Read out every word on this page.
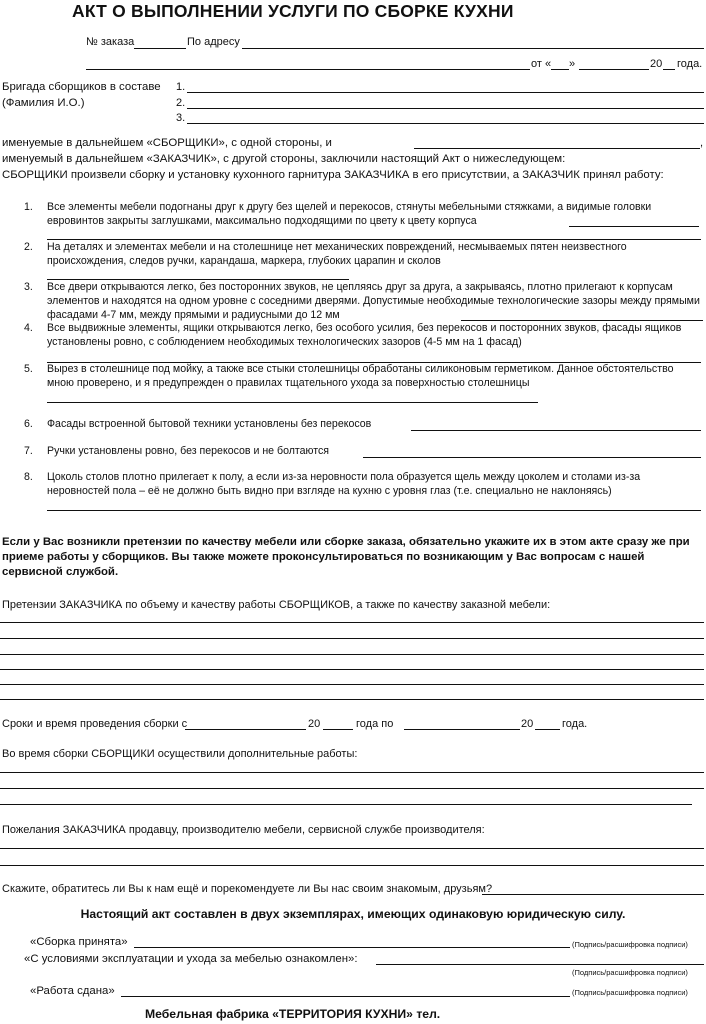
АКТ О ВЫПОЛНЕНИИ УСЛУГИ ПО СБОРКЕ КУХНИ
№ заказа	По адресу
от « »	20 года.
Бригада сборщиков в составе
(Фамилия И.О.)
1.
2.
3.
именуемые в дальнейшем «СБОРЩИКИ», с одной стороны, и	,
именуемый в дальнейшем «ЗАКАЗЧИК», с другой стороны, заключили настоящий Акт о нижеследующем:
СБОРЩИКИ произвели сборку и установку кухонного гарнитура ЗАКАЗЧИКА в его присутствии, а ЗАКАЗЧИК принял работу:
1.	Все элементы мебели подогнаны друг к другу без щелей и перекосов, стянуты мебельными стяжками, а видимые головки евровинтов закрыты заглушками, максимально подходящими по цвету к цвету корпуса
2.	На деталях и элементах мебели и на столешнице нет механических повреждений, несмываемых пятен неизвестного происхождения, следов ручки, карандаша, маркера, глубоких царапин и сколов
3.	Все двери открываются легко, без посторонних звуков, не цепляясь друг за друга, а закрываясь, плотно прилегают к корпусам элементов и находятся на одном уровне с соседними дверями. Допустимые необходимые технологические зазоры между прямыми фасадами 4-7 мм, между прямыми и радиусными до 12 мм
4.	Все выдвижные элементы, ящики открываются легко, без особого усилия, без перекосов и посторонних звуков, фасады ящиков установлены ровно, с соблюдением необходимых технологических зазоров (4-5 мм на 1 фасад)
5.	Вырез в столешнице под мойку, а также все стыки столешницы обработаны силиконовым герметиком. Данное обстоятельство мною проверено, и я предупрежден о правилах тщательного ухода за поверхностью столешницы
6.	Фасады встроенной бытовой техники установлены без перекосов
7.	Ручки установлены ровно, без перекосов и не болтаются
8.	Цоколь столов плотно прилегает к полу, а если из-за неровности пола образуется щель между цоколем и столами из-за неровностей пола – её не должно быть видно при взгляде на кухню с уровня глаз (т.е. специально не наклоняясь)
Если у Вас возникли претензии по качеству мебели или сборке заказа, обязательно укажите их в этом акте сразу же при приеме работы у сборщиков. Вы также можете проконсультироваться по возникающим у Вас вопросам с нашей сервисной службой.
Претензии ЗАКАЗЧИКА по объему и качеству работы СБОРЩИКОВ, а также по качеству заказной мебели:
Сроки и время проведения сборки с	20	года по	20	года.
Во время сборки СБОРЩИКИ осуществили дополнительные работы:
Пожелания ЗАКАЗЧИКА продавцу, производителю мебели, сервисной службе производителя:
Скажите, обратитесь ли Вы к нам ещё и порекомендуете ли Вы нас своим знакомым, друзьям?
Настоящий акт составлен в двух экземплярах, имеющих одинаковую юридическую силу.
«Сборка принята»	(Подпись/расшифровка подписи)
«С условиями эксплуатации и ухода за мебелью ознакомлен»:
(Подпись/расшифровка подписи)
«Работа сдана»	(Подпись/расшифровка подписи)
Мебельная фабрика «ТЕРРИТОРИЯ КУХНИ» тел.
